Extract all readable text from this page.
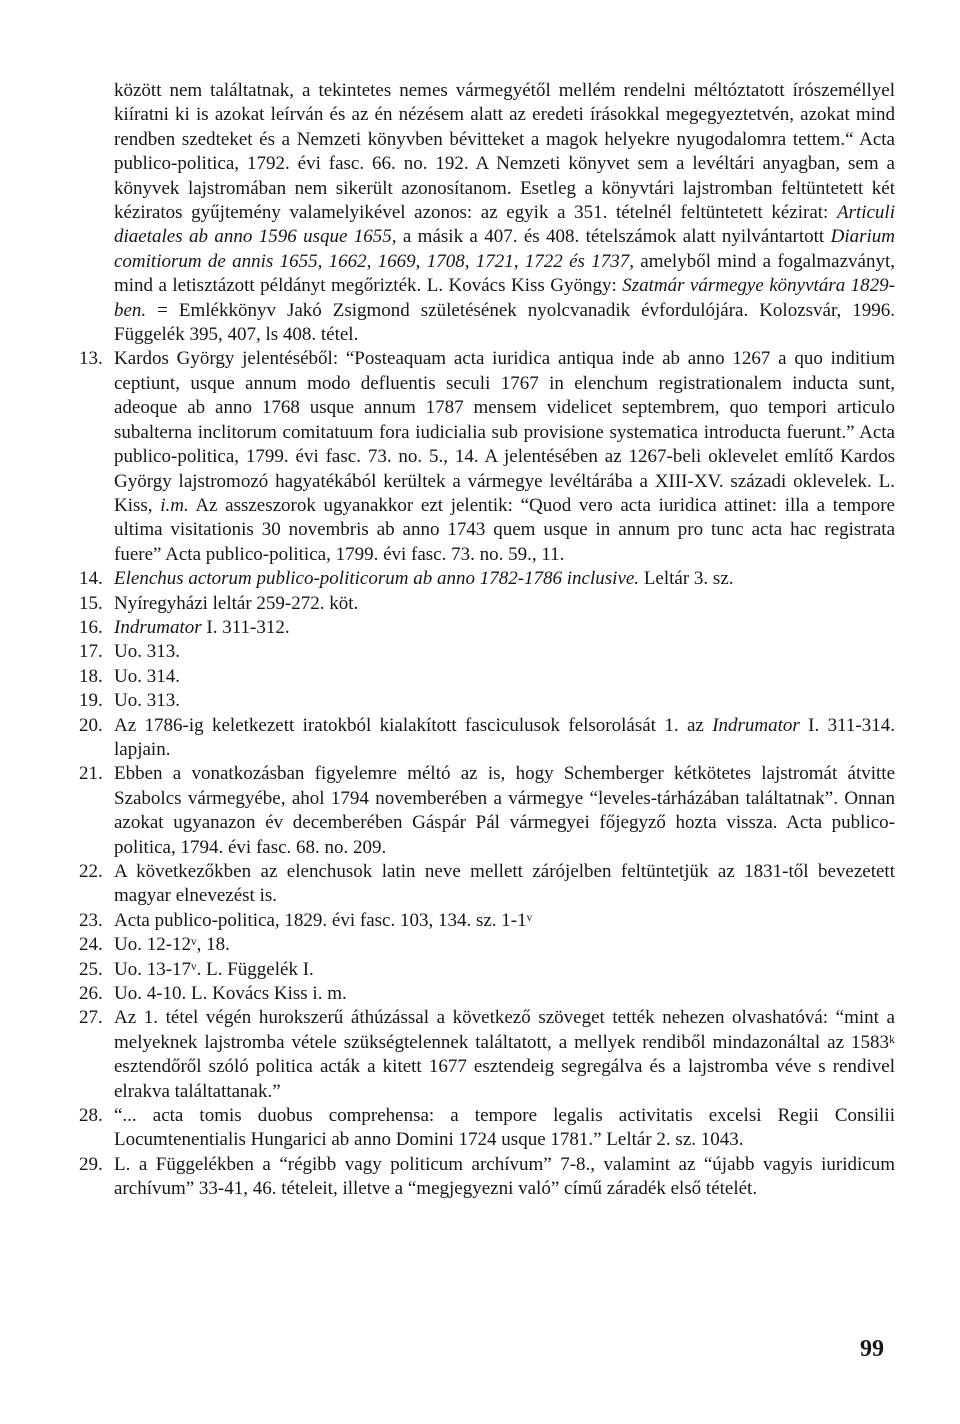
között nem találtatnak, a tekintetes nemes vármegyétől mellém rendelni méltóztatott írószeméllyel kiíratni ki is azokat leírván és az én nézésem alatt az eredeti írásokkal megegyeztetvén, azokat mind rendben szedteket és a Nemzeti könyvben bévitteket a magok helyekre nyugodalomra tettem.“ Acta publico-politica, 1792. évi fasc. 66. no. 192. A Nemzeti könyvet sem a levéltári anyagban, sem a könyvek lajstromában nem sikerült azonosítanom. Esetleg a könyvtári lajstromban feltüntetett két kéziratos gyűjtemény valamelyikével azonos: az egyik a 351. tételnél feltüntetett kézirat: Articuli diaetales ab anno 1596 usque 1655, a másik a 407. és 408. tételszámok alatt nyilvántartott Diarium comitiorum de annis 1655, 1662, 1669, 1708, 1721, 1722 és 1737, amelyből mind a fogalmazványt, mind a letisztázott példányt megőrizték. L. Kovács Kiss Gyöngy: Szatmár vármegye könyvtára 1829-ben. = Emlékkönyv Jakó Zsigmond születésének nyolcvanadik évfordulójára. Kolozsvár, 1996. Függelék 395, 407, ls 408. tétel.
13. Kardos György jelentéséből: “Posteaquam acta iuridica antiqua inde ab anno 1267 a quo inditium ceptiunt, usque annum modo defluentis seculi 1767 in elenchum registrationalem inducta sunt, adeoque ab anno 1768 usque annum 1787 mensem videlicet septembrem, quo tempori articulo subalterna inclitorum comitatuum fora iudicialia sub provisione systematica introducta fuerunt.” Acta publico-politica, 1799. évi fasc. 73. no. 5., 14. A jelentésében az 1267-beli oklevelet említő Kardos György lajstromozó hagyatékából kerültek a vármegye levéltárába a XIII-XV. századi oklevelek. L. Kiss, i.m. Az asszeszorok ugyanakkor ezt jelentik: “Quod vero acta iuridica attinet: illa a tempore ultima visitationis 30 novembris ab anno 1743 quem usque in annum pro tunc acta hac registrata fuere” Acta publico-politica, 1799. évi fasc. 73. no. 59., 11.
14. Elenchus actorum publico-politicorum ab anno 1782-1786 inclusive. Leltár 3. sz.
15. Nyíregyházi leltár 259-272. köt.
16. Indrumator I. 311-312.
17. Uo. 313.
18. Uo. 314.
19. Uo. 313.
20. Az 1786-ig keletkezett iratokból kialakított fasciculusok felsorolását 1. az Indrumator I. 311-314. lapjain.
21. Ebben a vonatkozásban figyelemre méltó az is, hogy Schemberger kétkötetes lajstromát átvitte Szabolcs vármegyébe, ahol 1794 novemberében a vármegye “leveles-tárházában találtatnak”. Onnan azokat ugyanazon év decemberében Gáspár Pál vármegyei főjegyző hozta vissza. Acta publico-politica, 1794. évi fasc. 68. no. 209.
22. A következőkben az elenchusok latin neve mellett zárójelben feltüntetjük az 1831-től bevezetett magyar elnevezést is.
23. Acta publico-politica, 1829. évi fasc. 103, 134. sz. 1-1ᵛ
24. Uo. 12-12ᵛ, 18.
25. Uo. 13-17ᵛ. L. Függelék I.
26. Uo. 4-10. L. Kovács Kiss i. m.
27. Az 1. tétel végén hurokszerű áthúzással a következő szöveget tették nehezen olvashatóvá: “mint a melyeknek lajstromba vétele szükségtelennek találtatott, a mellyek rendiből mindazonáltal az 1583ᵏ esztendőről szóló politica acták a kitett 1677 esztendeig segregálva és a lajstromba véve s rendivel elrakva találtattanak.”
28. “... acta tomis duobus comprehensa: a tempore legalis activitatis excelsi Regii Consilii Locumtenentialis Hungarici ab anno Domini 1724 usque 1781.” Leltár 2. sz. 1043.
29. L. a Függelékben a “régibb vagy politicum archívum” 7-8., valamint az “újabb vagyis iuridicum archívum” 33-41, 46. tételeit, illetve a “megjegyezni való” című záradék első tételét.
99
